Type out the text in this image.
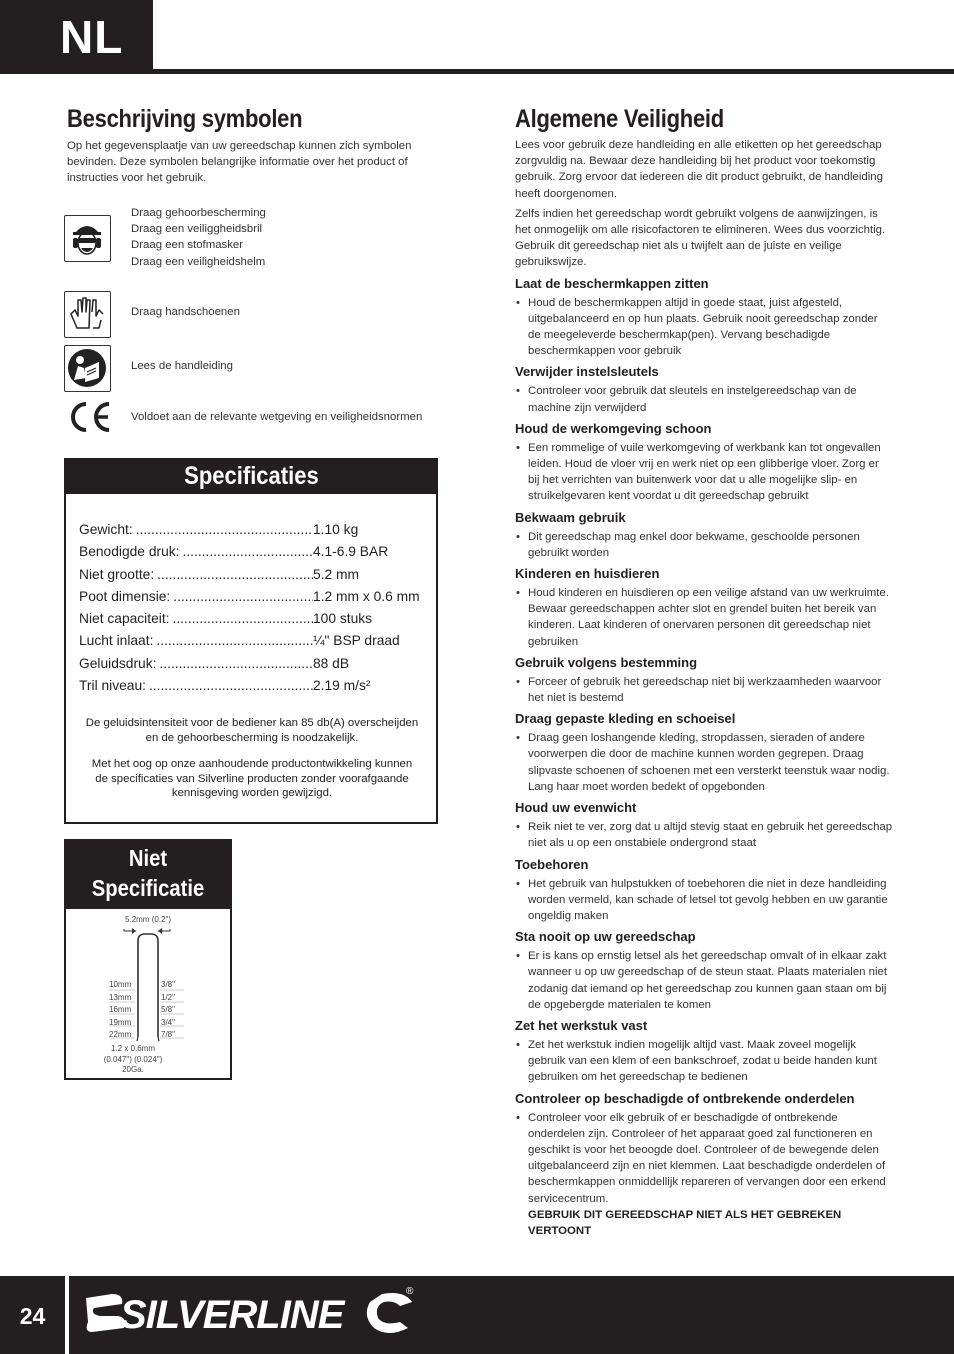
NL
Beschrijving symbolen
Op het gegevensplaatje van uw gereedschap kunnen zich symbolen bevinden. Deze symbolen belangrijke informatie over het product of instructies voor het gebruik.
Draag gehoorbescherming
Draag een veiliggheidsbril
Draag een stofmasker
Draag een veiligheidshelm
Draag handschoenen
Lees de handleiding
Voldoet aan de relevante wetgeving en veiligheidsnormen
Specificaties
Gewicht: .....	1.10 kg
Benodigde druk: .....	4.1-6.9 BAR
Niet grootte: .....	5.2 mm
Poot dimensie: .....	1.2 mm x 0.6 mm
Niet capaciteit: .....	100 stuks
Lucht inlaat: .....	¼" BSP draad
Geluidsdruk: .....	88 dB
Tril niveau: .....	2.19 m/s²
De geluidsintensiteit voor de bediener kan 85 db(A) overscheijden en de gehoorbescherming is noodzakelijk.
Met het oog op onze aanhoudende productontwikkeling kunnen de specificaties van Silverline producten zonder voorafgaande kennisgeving worden gewijzigd.
Niet
Specificatie
5.2mm (0.2")
10mm
13mm
16mm
19mm
22mm
3/8"
1/2"
5/8"
3/4"
7/8"
1.2 x 0.6mm
(0.047") (0.024")
20Ga.
Algemene Veiligheid
Lees voor gebruik deze handleiding en alle etiketten op het gereedschap zorgvuldig na. Bewaar deze handleiding bij het product voor toekomstig gebruik. Zorg ervoor dat iedereen die dit product gebruikt, de handleiding heeft doorgenomen.
Zelfs indien het gereedschap wordt gebruikt volgens de aanwijzingen, is het onmogelijk om alle risicofactoren te elimineren. Wees dus voorzichtig. Gebruik dit gereedschap niet als u twijfelt aan de juiste en veilige gebruikswijze.
Laat de beschermkappen zitten
• Houd de beschermkappen altijd in goede staat, juist afgesteld, uitgebalanceerd en op hun plaats. Gebruik nooit gereedschap zonder de meegeleverde beschermkap(pen). Vervang beschadigde beschermkappen voor gebruik
Verwijder instelsleutels
• Controleer voor gebruik dat sleutels en instelgereedschap van de machine zijn verwijderd
Houd de werkomgeving schoon
• Een rommelige of vuile werkomgeving of werkbank kan tot ongevallen leiden. Houd de vloer vrij en werk niet op een glibberige vloer. Zorg er bij het verrichten van buitenwerk voor dat u alle mogelijke slip- en struikelgevaren kent voordat u dit gereedschap gebruikt
Bekwaam gebruik
• Dit gereedschap mag enkel door bekwame, geschoolde personen gebruikt worden
Kinderen en huisdieren
• Houd kinderen en huisdieren op een veilige afstand van uw werkruimte. Bewaar gereedschappen achter slot en grendel buiten het bereik van kinderen. Laat kinderen of onervaren personen dit gereedschap niet gebruiken
Gebruik volgens bestemming
• Forceer of gebruik het gereedschap niet bij werkzaamheden waarvoor het niet is bestemd
Draag gepaste kleding en schoeisel
• Draag geen loshangende kleding, stropdassen, sieraden of andere voorwerpen die door de machine kunnen worden gegrepen. Draag slipvaste schoenen of schoenen met een versterkt teenstuk waar nodig. Lang haar moet worden bedekt of opgebonden
Houd uw evenwicht
• Reik niet te ver, zorg dat u altijd stevig staat en gebruik het gereedschap niet als u op een onstabiele ondergrond staat
Toebehoren
• Het gebruik van hulpstukken of toebehoren die niet in deze handleiding worden vermeld, kan schade of letsel tot gevolg hebben en uw garantie ongeldig maken
Sta nooit op uw gereedschap
• Er is kans op ernstig letsel als het gereedschap omvalt of in elkaar zakt wanneer u op uw gereedschap of de steun staat. Plaats materialen niet zodanig dat iemand op het gereedschap zou kunnen gaan staan om bij de opgebergde materialen te komen
Zet het werkstuk vast
• Zet het werkstuk indien mogelijk altijd vast. Maak zoveel mogelijk gebruik van een klem of een bankschroef, zodat u beide handen kunt gebruiken om het gereedschap te bedienen
Controleer op beschadigde of ontbrekende onderdelen
• Controleer voor elk gebruik of er beschadigde of ontbrekende onderdelen zijn. Controleer of het apparaat goed zal functioneren en geschikt is voor het beoogde doel. Controleer of de bewegende delen uitgebalanceerd zijn en niet klemmen. Laat beschadigde onderdelen of beschermkappen onmiddellijk repareren of vervangen door een erkend servicecentrum.
GEBRUIK DIT GEREEDSCHAP NIET ALS HET GEBREKEN VERTOONT
24	SILVERLINE
®
